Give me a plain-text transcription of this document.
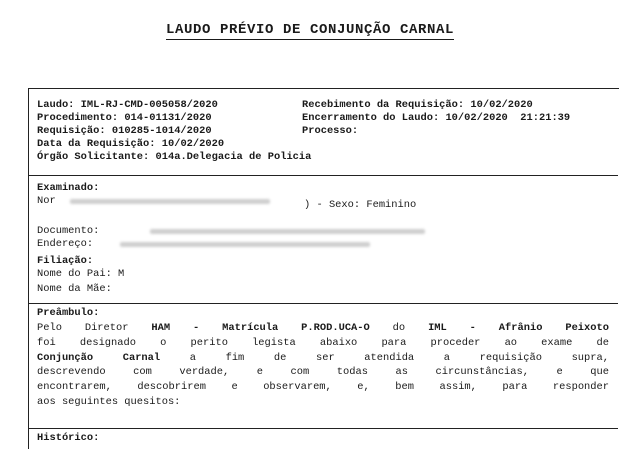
LAUDO PRÉVIO DE CONJUNÇÃO CARNAL
Laudo: IML-RJ-CMD-005058/2020
Procedimento: 014-01131/2020
Requisição: 010285-1014/2020
Data da Requisição: 10/02/2020
Órgão Solicitante: 014a.Delegacia de Policia
Recebimento da Requisição: 10/02/2020
Encerramento do Laudo: 10/02/2020  21:21:39
Processo:
Examinado:
Nor	) - Sexo: Feminino
Documento:
Endereço:
Filiação:
Nome do Pai: M
Nome da Mãe:
Preâmbulo:
Pelo Diretor HAM - Matrícula P.ROD.UCA-O do IML - Afrânio Peixoto
foi designado o perito legista abaixo para proceder ao exame de
Conjunção Carnal	a fim de ser atendida a requisição supra,
descrevendo com verdade, e com todas as circunstâncias, e que
encontrarem, descobrirem e observarem, e, bem assim, para responder
aos seguintes quesitos:
Histórico:
